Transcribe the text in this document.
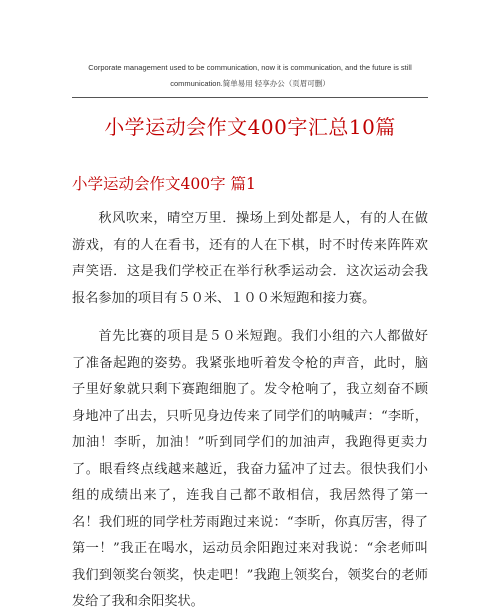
Corporate management used to be communication, now it is communication, and the future is still
communication.简单易用 轻享办公（页眉可删）
小学运动会作文400字汇总10篇
小学运动会作文400字 篇1

秋风吹来，晴空万里．操场上到处都是人，有的人在做游戏，有的人在看书，还有的人在下棋，时不时传来阵阵欢声笑语．这是我们学校正在举行秋季运动会．这次运动会我报名参加的项目有５０米、１００米短跑和接力赛。

首先比赛的项目是５０米短跑。我们小组的六人都做好了准备起跑的姿势。我紧张地听着发令枪的声音，此时，脑子里好象就只剩下赛跑细胞了。发令枪响了，我立刻奋不顾身地冲了出去，只听见身边传来了同学们的呐喊声：“李昕，加油！李昕，加油！”听到同学们的加油声，我跑得更卖力了。眼看终点线越来越近，我奋力猛冲了过去。很快我们小组的成绩出来了，连我自己都不敢相信，我居然得了第一名！我们班的同学杜芳雨跑过来说：“李昕，你真厉害，得了第一！”我正在喝水，运动员余阳跑过来对我说：“余老师叫我们到领奖台领奖，快走吧！”我跑上领奖台，领奖台的老师发给了我和余阳奖状。
